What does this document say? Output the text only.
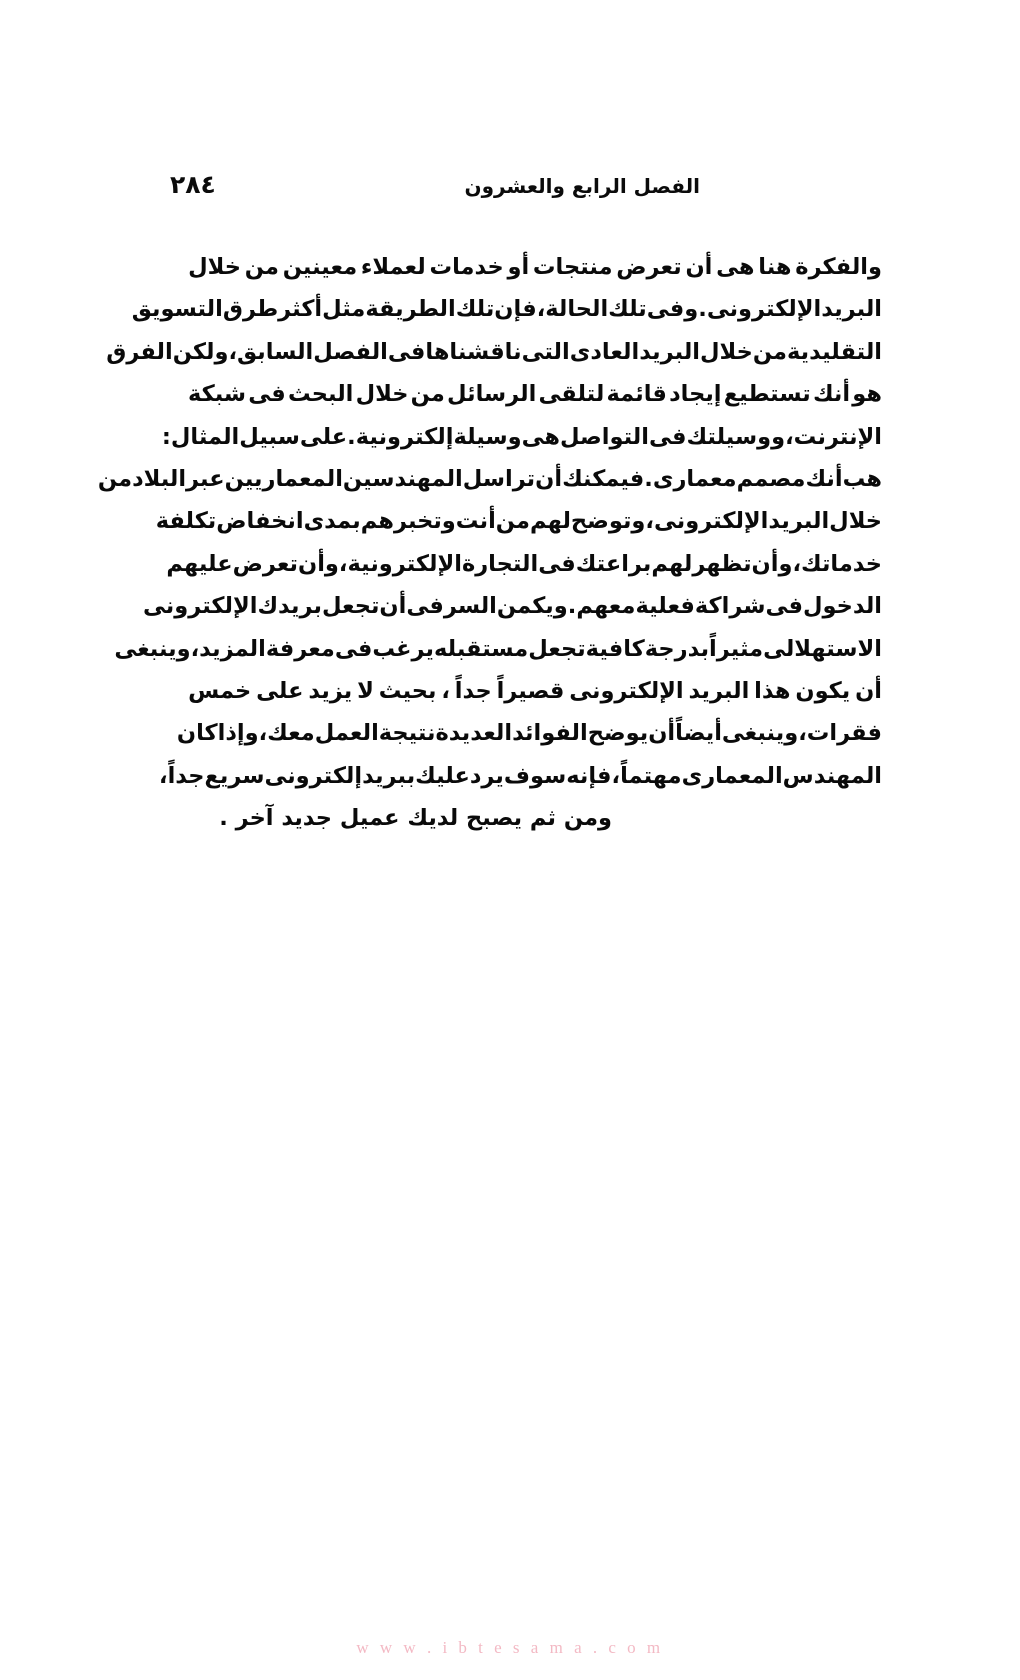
٢٨٤	الفصل الرابع والعشرون
والفكرة
هنا
هى
أن
تعرض
منتجات
أو
خدمات
لعملاء
معينين
من
خلال
البريد
الإلكترونى
.
وفى
تلك
الحالة
،
فإن
تلك
الطريقة
مثل
أكثر
طرق
التسويق
التقليدية
من
خلال
البريد
العادى
التى
ناقشناها
فى
الفصل
السابق
،
ولكن
الفرق
هو
أنك
تستطيع
إيجاد
قائمة
لتلقى
الرسائل
من
خلال
البحث
فى
شبكة
الإنترنت
،
ووسيلتك
فى
التواصل
هى
وسيلة
إلكترونية
.
على
سبيل
المثال
:
هب
أنك
مصمم
معمارى
.
فيمكنك
أن
تراسل
المهندسين
المعماريين
عبر
البلاد
من
خلال
البريد
الإلكترونى
،
وتوضح
لهم
من
أنت
وتخبرهم
بمدى
انخفاض
تكلفة
خدماتك
،
وأن
تظهر
لهم
براعتك
فى
التجارة
الإلكترونية
،
وأن
تعرض
عليهم
الدخول
فى
شراكة
فعلية
معهم
.
ويكمن
السر
فى
أن
تجعل
بريدك
الإلكترونى
الاستهلالى
مثيراً
بدرجة
كافية
تجعل
مستقبله
يرغب
فى
معرفة
المزيد
،
وينبغى
أن
يكون
هذا
البريد
الإلكترونى
قصيراً
جداً
،
بحيث
لا
يزيد
على
خمس
فقرات
،
وينبغى
أيضاً
أن
يوضح
الفوائد
العديدة
نتيجة
العمل
معك
،
وإذا
كان
المهندس
المعمارى
مهتماً
،
فإنه
سوف
يرد
عليك
ببريد
إلكترونى
سريع
جداً
،
ومن ثم يصبح لديك عميل جديد آخر .
w w w . i b t e s a m a . c o m
